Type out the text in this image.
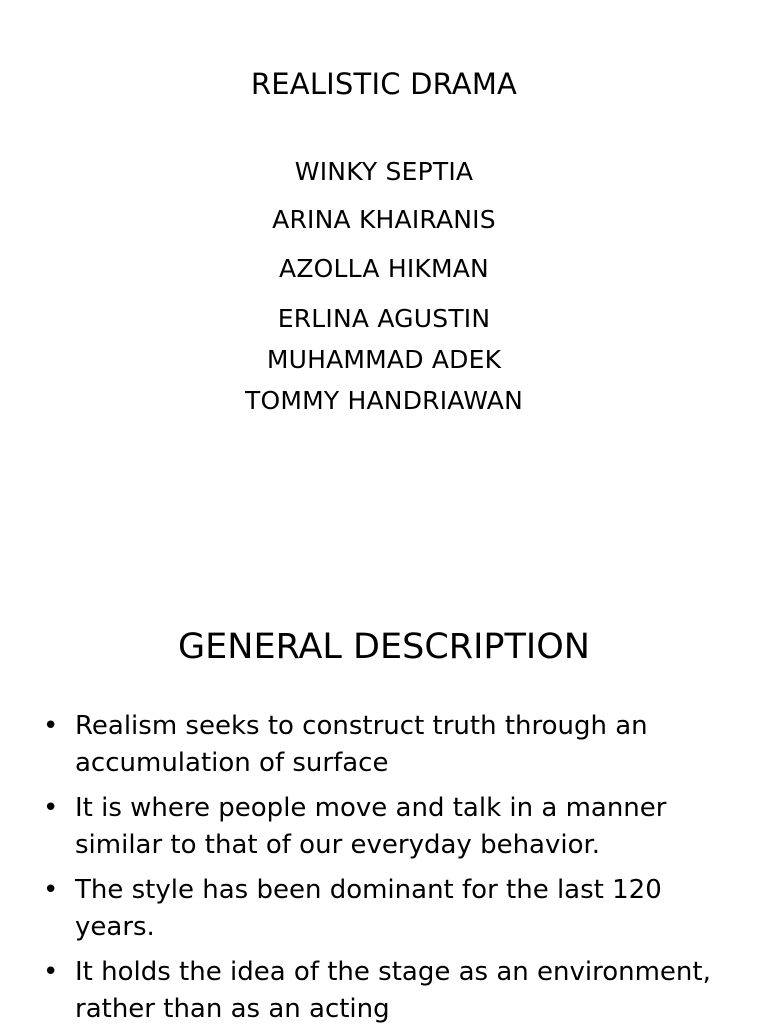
REALISTIC DRAMA
WINKY SEPTIA
ARINA KHAIRANIS
AZOLLA HIKMAN
ERLINA AGUSTIN
MUHAMMAD ADEK
TOMMY HANDRIAWAN
GENERAL DESCRIPTION
• Realism seeks to construct truth through an accumulation of surface
• It is where people move and talk in a manner similar to that of our everyday behavior.
• The style has been dominant for the last 120 years.
• It holds the idea of the stage as an environment, rather than as an acting
